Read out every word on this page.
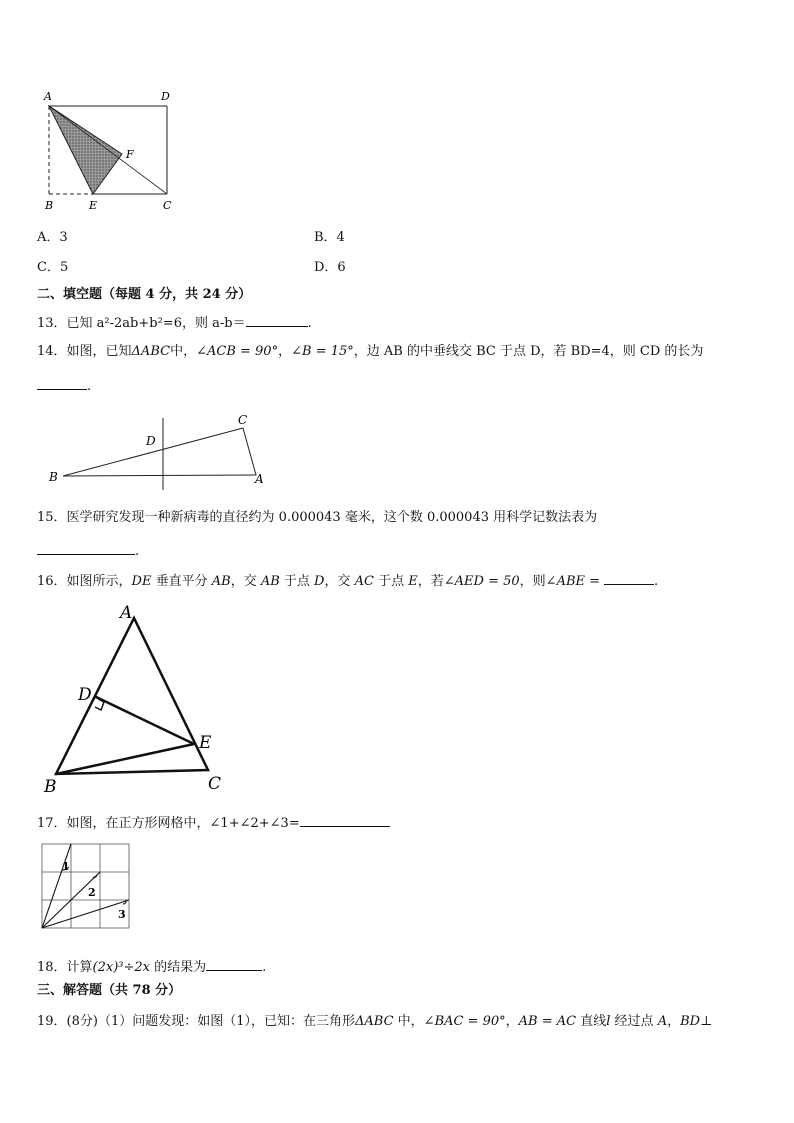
A	D
F
B	E	C
A．3	B．4
C．5	D．6
二、填空题（每题 4 分，共 24 分）
13．已知 a²-2ab+b²=6，则 a-b＝	.
14．如图，已知ΔABC中，∠ACB = 90°，∠B = 15°，边 AB 的中垂线交 BC 于点 D，若 BD=4，则 CD 的长为
.
C
D
B	A
15．医学研究发现一种新病毒的直径约为 0.000043 毫米，这个数 0.000043 用科学记数法表为
.
16．如图所示，DE 垂直平分 AB，交 AB 于点 D，交 AC 于点 E，若∠AED = 50，则∠ABE =	.
A
D
E
B	C
17．如图，在正方形网格中，∠1+∠2+∠3=
1
2
3
18．计算(2x)³÷2x 的结果为	.
三、解答题（共 78 分）
19．(8分)（1）问题发现：如图（1），已知：在三角形ΔABC 中，∠BAC = 90°，AB = AC 直线l 经过点 A，BD⊥
